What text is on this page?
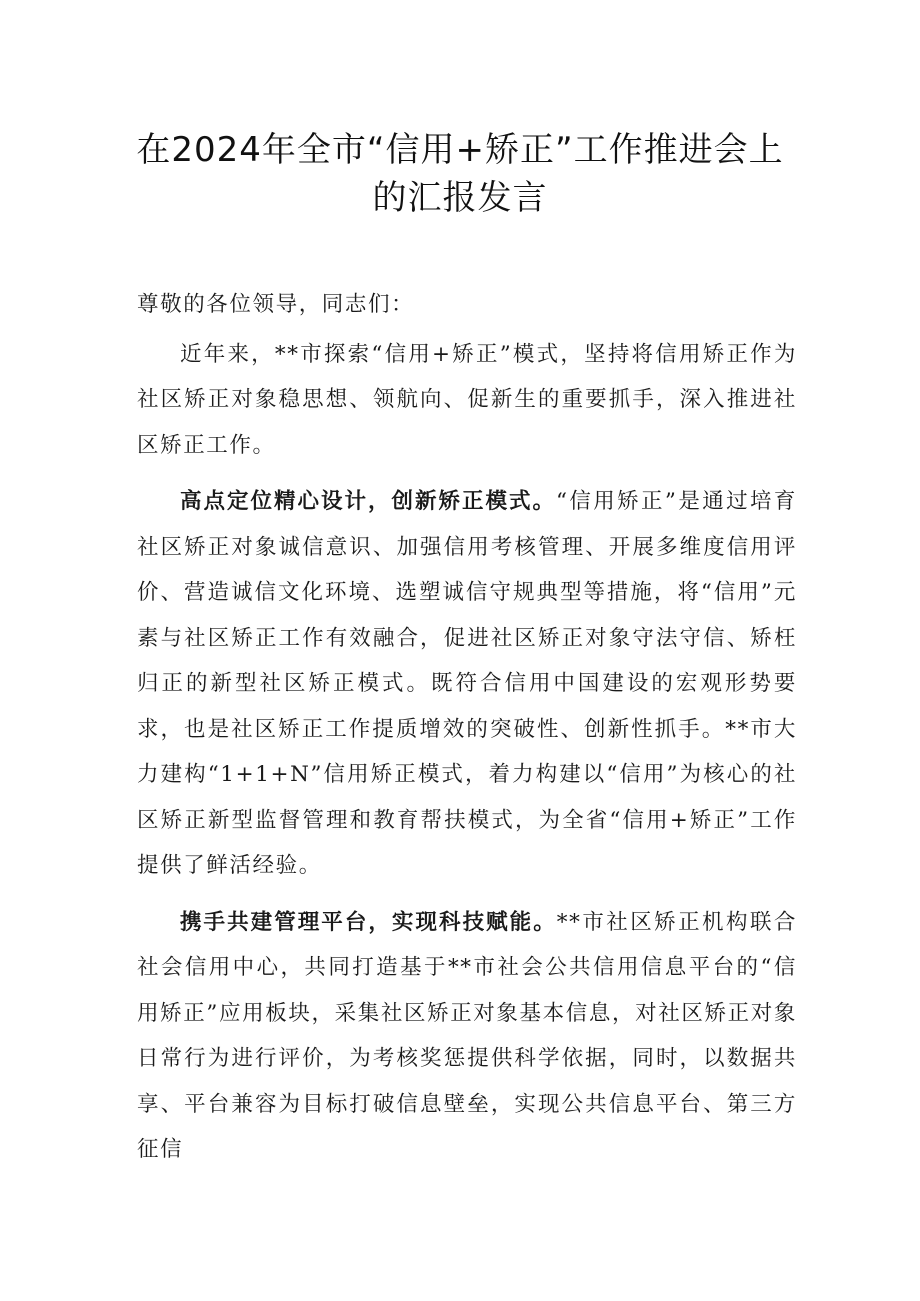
在2024年全市“信用+矫正”工作推进会上的汇报发言

尊敬的各位领导，同志们：

近年来，**市探索“信用+矫正”模式，坚持将信用矫正作为社区矫正对象稳思想、领航向、促新生的重要抓手，深入推进社区矫正工作。

高点定位精心设计，创新矫正模式。“信用矫正”是通过培育社区矫正对象诚信意识、加强信用考核管理、开展多维度信用评价、营造诚信文化环境、选塑诚信守规典型等措施，将“信用”元素与社区矫正工作有效融合，促进社区矫正对象守法守信、矫枉归正的新型社区矫正模式。既符合信用中国建设的宏观形势要求，也是社区矫正工作提质增效的突破性、创新性抓手。**市大力建构“1+1+N”信用矫正模式，着力构建以“信用”为核心的社区矫正新型监督管理和教育帮扶模式，为全省“信用+矫正”工作提供了鲜活经验。

携手共建管理平台，实现科技赋能。**市社区矫正机构联合社会信用中心，共同打造基于**市社会公共信用信息平台的“信用矫正”应用板块，采集社区矫正对象基本信息，对社区矫正对象日常行为进行评价，为考核奖惩提供科学依据，同时，以数据共享、平台兼容为目标打破信息壁垒，实现公共信息平台、第三方征信
